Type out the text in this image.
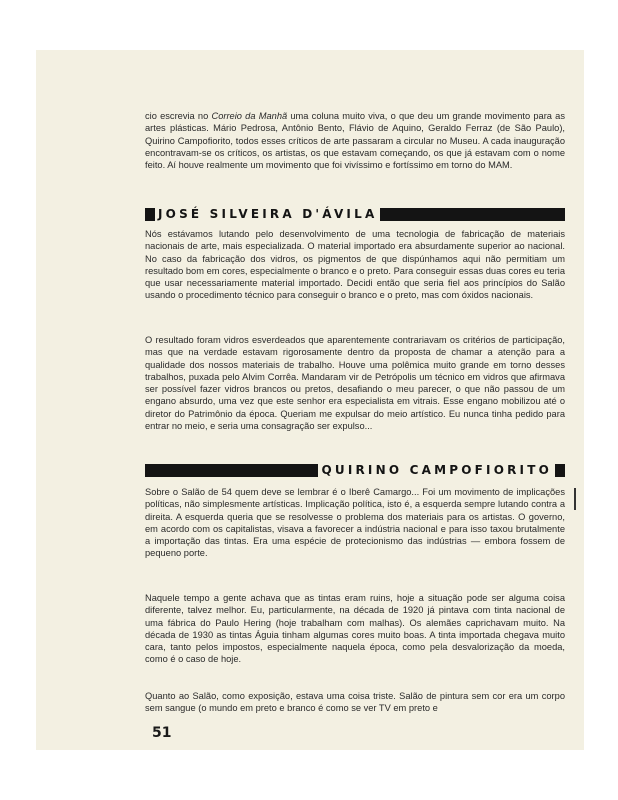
cio escrevia no Correio da Manhã uma coluna muito viva, o que deu um grande movimento para as artes plásticas. Mário Pedrosa, Antônio Bento, Flávio de Aquino, Geraldo Ferraz (de São Paulo), Quirino Campofiorito, todos esses críticos de arte passaram a circular no Museu. A cada inauguração encontravam-se os críticos, os artistas, os que estavam começando, os que já estavam com o nome feito. Aí houve realmente um movimento que foi vivíssimo e fortíssimo em torno do MAM.

JOSÉ SILVEIRA D'ÁVILA

Nós estávamos lutando pelo desenvolvimento de uma tecnologia de fabricação de materiais nacionais de arte, mais especializada. O material importado era absurdamente superior ao nacional. No caso da fabricação dos vidros, os pigmentos de que dispúnhamos aqui não permitiam um resultado bom em cores, especialmente o branco e o preto. Para conseguir essas duas cores eu teria que usar necessariamente material importado. Decidi então que seria fiel aos princípios do Salão usando o procedimento técnico para conseguir o branco e o preto, mas com óxidos nacionais.

O resultado foram vidros esverdeados que aparentemente contrariavam os critérios de participação, mas que na verdade estavam rigorosamente dentro da proposta de chamar a atenção para a qualidade dos nossos materiais de trabalho. Houve uma polêmica muito grande em torno desses trabalhos, puxada pelo Alvim Corrêa. Mandaram vir de Petrópolis um técnico em vidros que afirmava ser possível fazer vidros brancos ou pretos, desafiando o meu parecer, o que não passou de um engano absurdo, uma vez que este senhor era especialista em vitrais. Esse engano mobilizou até o diretor do Patrimônio da época. Queriam me expulsar do meio artístico. Eu nunca tinha pedido para entrar no meio, e seria uma consagração ser expulso...

QUIRINO CAMPOFIORITO

Sobre o Salão de 54 quem deve se lembrar é o Iberê Camargo... Foi um movimento de implicações políticas, não simplesmente artísticas. Implicação política, isto é, a esquerda sempre lutando contra a direita. A esquerda queria que se resolvesse o problema dos materiais para os artistas. O governo, em acordo com os capitalistas, visava a favorecer a indústria nacional e para isso taxou brutalmente a importação das tintas. Era uma espécie de protecionismo das indústrias — embora fossem de pequeno porte.

Naquele tempo a gente achava que as tintas eram ruins, hoje a situação pode ser alguma coisa diferente, talvez melhor. Eu, particularmente, na década de 1920 já pintava com tinta nacional de uma fábrica do Paulo Hering (hoje trabalham com malhas). Os alemães caprichavam muito. Na década de 1930 as tintas Águia tinham algumas cores muito boas. A tinta importada chegava muito cara, tanto pelos impostos, especialmente naquela época, como pela desvalorização da moeda, como é o caso de hoje.

Quanto ao Salão, como exposição, estava uma coisa triste. Salão de pintura sem cor era um corpo sem sangue (o mundo em preto e branco é como se ver TV em preto e

51
